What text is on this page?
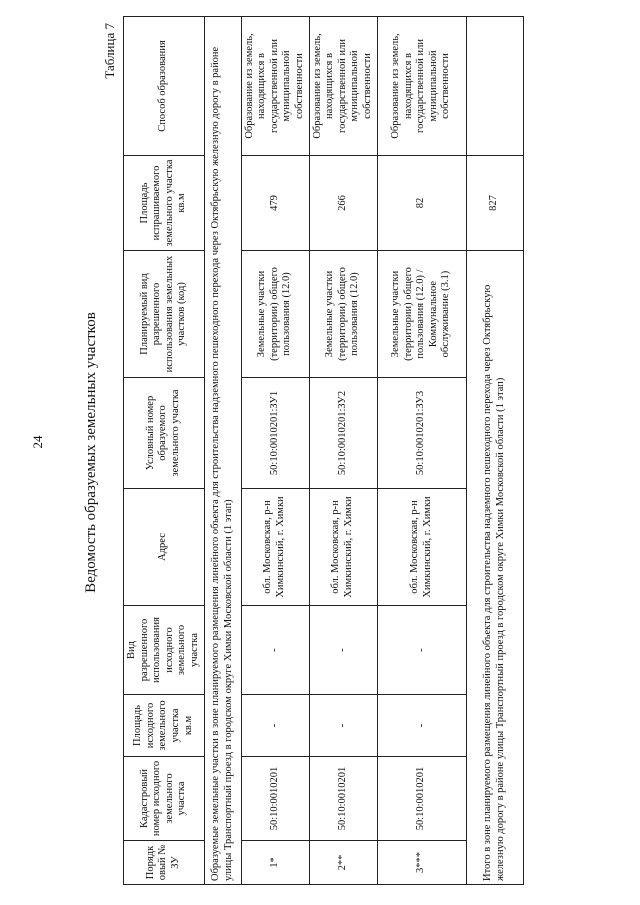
24	Ведомость образуемых земельных участков
Таблица 7
Порядковый № ЗУ	Кадастровый номер исходного земельного участка	Площадь исходного земельного участка кв.м	Вид разрешенного использования исходного земельного участка	Адрес	Условный номер образуемого земельного участка	Планируемый вид разрешенного использования земельных участков (код)	Площадь испрашиваемого земельного участка кв.м	Способ образования
Образуемые земельные участки в зоне планируемого размещения линейного объекта для строительства надземного пешеходного перехода через Октябрьскую железную дорогу в районе улицы Транспортный проезд в городском округе Химки Московской области (1 этап)								
1*	50:10:0010201	-	-	обл. Московская, р-н Химкинский, г. Химки	50:10:0010201:ЗУ1	Земельные участки (территории) общего пользования (12.0)	479	Образование из земель, находящихся в государственной или муниципальной собственности
2**	50:10:0010201	-	-	обл. Московская, р-н Химкинский, г. Химки	50:10:0010201:ЗУ2	Земельные участки (территории) общего пользования (12.0)	266	Образование из земель, находящихся в государственной или муниципальной собственности
3***	50:10:0010201	-	-	обл. Московская, р-н Химкинский, г. Химки	50:10:0010201:ЗУ3	Земельные участки (территории) общего пользования (12.0) / Коммунальное обслуживание (3.1)	82	Образование из земель, находящихся в государственной или муниципальной собственности
Итого в зоне планируемого размещения линейного объекта для строительства надземного пешеходного перехода через Октябрьскую железную дорогу в районе улицы Транспортный проезд в городском округе Химки Московской области (1 этап)							827	
